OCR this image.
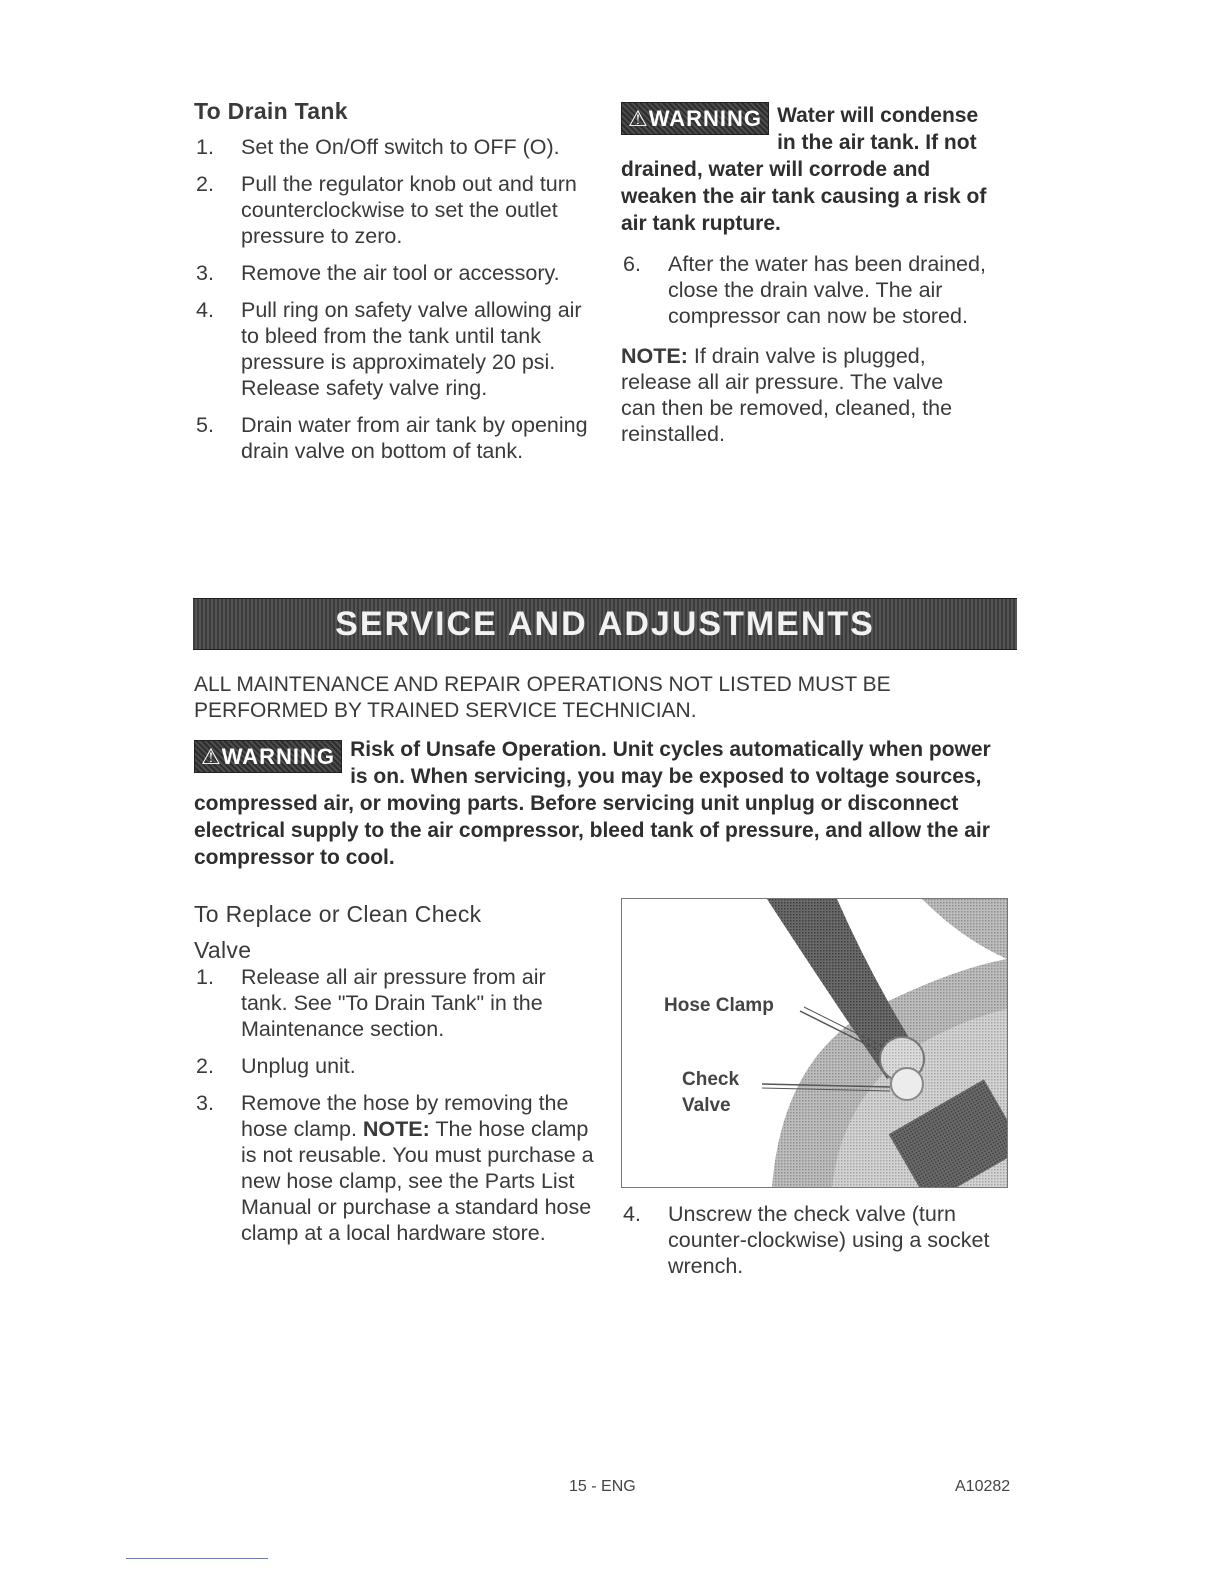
To Drain Tank
1. Set the On/Off switch to OFF (O).
2. Pull the regulator knob out and turn counterclockwise to set the outlet pressure to zero.
3. Remove the air tool or accessory.
4. Pull ring on safety valve allowing air to bleed from the tank until tank pressure is approximately 20 psi. Release safety valve ring.
5. Drain water from air tank by opening drain valve on bottom of tank.
⚠WARNING Water will condense in the air tank. If not drained, water will corrode and weaken the air tank causing a risk of air tank rupture.
6. After the water has been drained, close the drain valve. The air compressor can now be stored.
NOTE: If drain valve is plugged, release all air pressure. The valve can then be removed, cleaned, the reinstalled.
SERVICE AND ADJUSTMENTS
ALL MAINTENANCE AND REPAIR OPERATIONS NOT LISTED MUST BE PERFORMED BY TRAINED SERVICE TECHNICIAN.
⚠WARNING Risk of Unsafe Operation. Unit cycles automatically when power is on. When servicing, you may be exposed to voltage sources, compressed air, or moving parts. Before servicing unit unplug or disconnect electrical supply to the air compressor, bleed tank of pressure, and allow the air compressor to cool.
To Replace or Clean Check
Valve
1. Release all air pressure from air tank. See "To Drain Tank" in the Maintenance section.
2. Unplug unit.
3. Remove the hose by removing the hose clamp. NOTE: The hose clamp is not reusable. You must purchase a new hose clamp, see the Parts List Manual or purchase a standard hose clamp at a local hardware store.
Hose Clamp
Check
Valve
4. Unscrew the check valve (turn counter-clockwise) using a socket wrench.
15 - ENG	A10282
